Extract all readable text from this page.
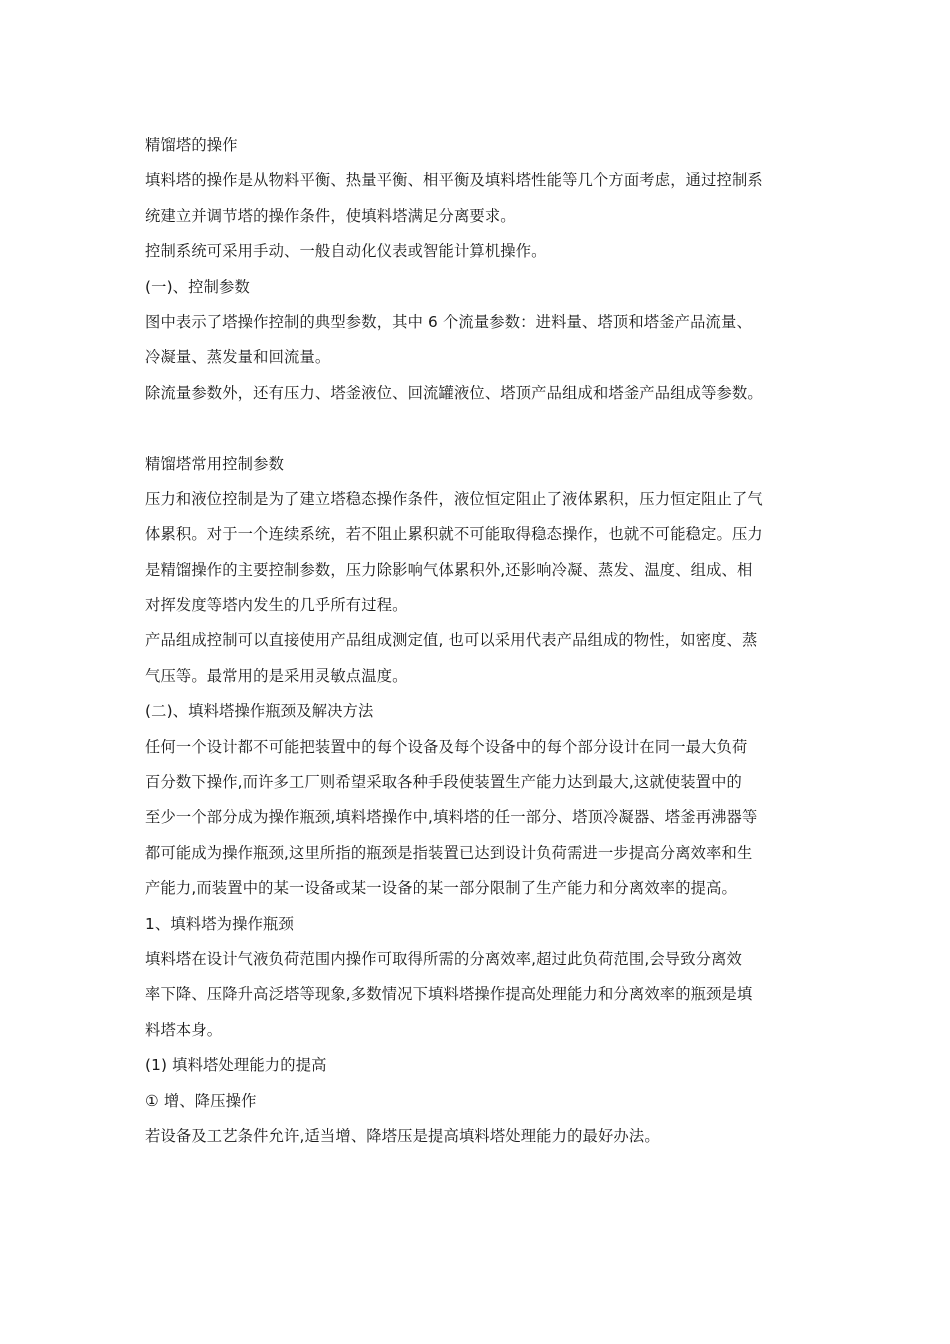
精馏塔的操作
填料塔的操作是从物料平衡、热量平衡、相平衡及填料塔性能等几个方面考虑，通过控制系
统建立并调节塔的操作条件，使填料塔满足分离要求。
控制系统可采用手动、一般自动化仪表或智能计算机操作。
(一)、控制参数
图中表示了塔操作控制的典型参数，其中 6 个流量参数：进料量、塔顶和塔釜产品流量、
冷凝量、蒸发量和回流量。
除流量参数外，还有压力、塔釜液位、回流罐液位、塔顶产品组成和塔釜产品组成等参数。
精馏塔常用控制参数
压力和液位控制是为了建立塔稳态操作条件，液位恒定阻止了液体累积，压力恒定阻止了气
体累积。对于一个连续系统，若不阻止累积就不可能取得稳态操作，也就不可能稳定。压力
是精馏操作的主要控制参数，压力除影响气体累积外,还影响冷凝、蒸发、温度、组成、相
对挥发度等塔内发生的几乎所有过程。
产品组成控制可以直接使用产品组成测定值, 也可以采用代表产品组成的物性，如密度、蒸
气压等。最常用的是采用灵敏点温度。
(二)、填料塔操作瓶颈及解决方法
任何一个设计都不可能把装置中的每个设备及每个设备中的每个部分设计在同一最大负荷
百分数下操作,而许多工厂则希望采取各种手段使装置生产能力达到最大,这就使装置中的
至少一个部分成为操作瓶颈,填料塔操作中,填料塔的任一部分、塔顶冷凝器、塔釜再沸器等
都可能成为操作瓶颈,这里所指的瓶颈是指装置已达到设计负荷需进一步提高分离效率和生
产能力,而装置中的某一设备或某一设备的某一部分限制了生产能力和分离效率的提高。
1、填料塔为操作瓶颈
填料塔在设计气液负荷范围内操作可取得所需的分离效率,超过此负荷范围,会导致分离效
率下降、压降升高泛塔等现象,多数情况下填料塔操作提高处理能力和分离效率的瓶颈是填
料塔本身。
(1) 填料塔处理能力的提高
① 增、降压操作
若设备及工艺条件允许,适当增、降塔压是提高填料塔处理能力的最好办法。
